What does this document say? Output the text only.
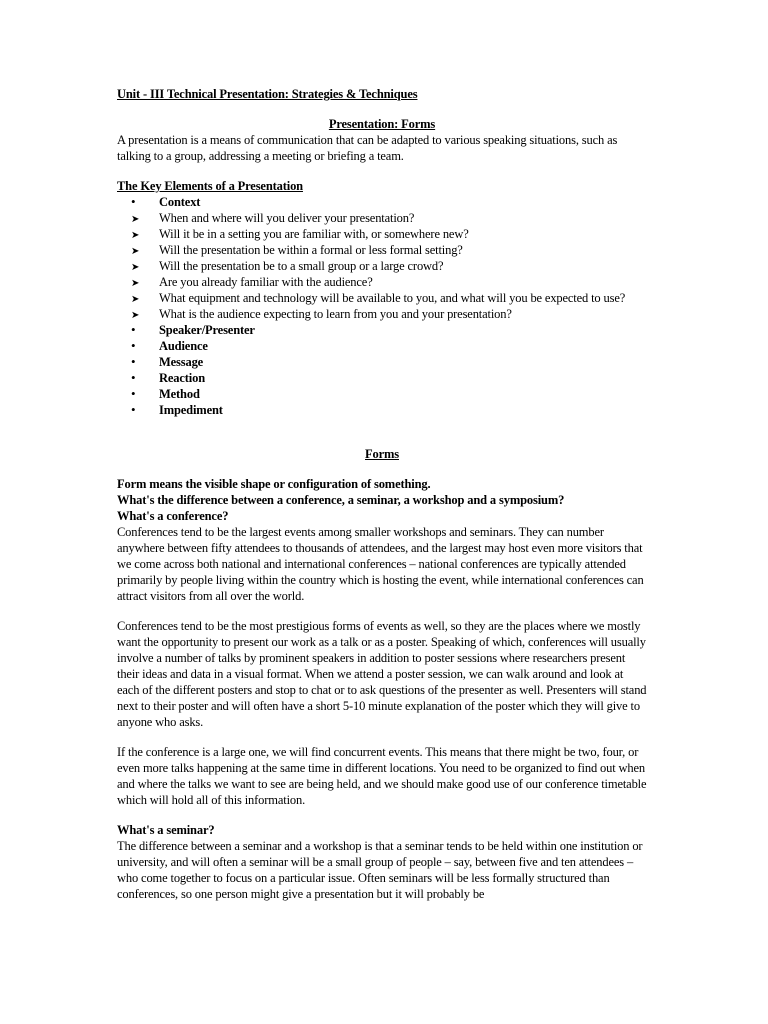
Unit - III Technical Presentation: Strategies & Techniques

Presentation: Forms

A presentation is a means of communication that can be adapted to various speaking situations, such as talking to a group, addressing a meeting or briefing a team.

The Key Elements of a Presentation

•
Context
➤
When and where will you deliver your presentation?
➤
Will it be in a setting you are familiar with, or somewhere new?
➤
Will the presentation be within a formal or less formal setting?
➤
Will the presentation be to a small group or a large crowd?
➤
Are you already familiar with the audience?
➤
What equipment and technology will be available to you, and what will you be expected to use?
➤
What is the audience expecting to learn from you and your presentation?
•
Speaker/Presenter
•
Audience
•
Message
•
Reaction
•
Method
•
Impediment

Forms

Form means the visible shape or configuration of something.

What's the difference between a conference, a seminar, a workshop and a symposium?

What's a conference?

Conferences tend to be the largest events among smaller workshops and seminars. They can number anywhere between fifty attendees to thousands of attendees, and the largest may host even more visitors that we come across both national and international conferences – national conferences are typically attended primarily by people living within the country which is hosting the event, while international conferences can attract visitors from all over the world.

Conferences tend to be the most prestigious forms of events as well, so they are the places where we mostly want the opportunity to present our work as a talk or as a poster. Speaking of which, conferences will usually involve a number of talks by prominent speakers in addition to poster sessions where researchers present their ideas and data in a visual format. When we attend a poster session, we can walk around and look at each of the different posters and stop to chat or to ask questions of the presenter as well. Presenters will stand next to their poster and will often have a short 5-10 minute explanation of the poster which they will give to anyone who asks.

If the conference is a large one, we will find concurrent events. This means that there might be two, four, or even more talks happening at the same time in different locations. You need to be organized to find out when and where the talks we want to see are being held, and we should make good use of our conference timetable which will hold all of this information.

What's a seminar?

The difference between a seminar and a workshop is that a seminar tends to be held within one institution or university, and will often a seminar will be a small group of people – say, between five and ten attendees – who come together to focus on a particular issue. Often seminars will be less formally structured than conferences, so one person might give a presentation but it will probably be
